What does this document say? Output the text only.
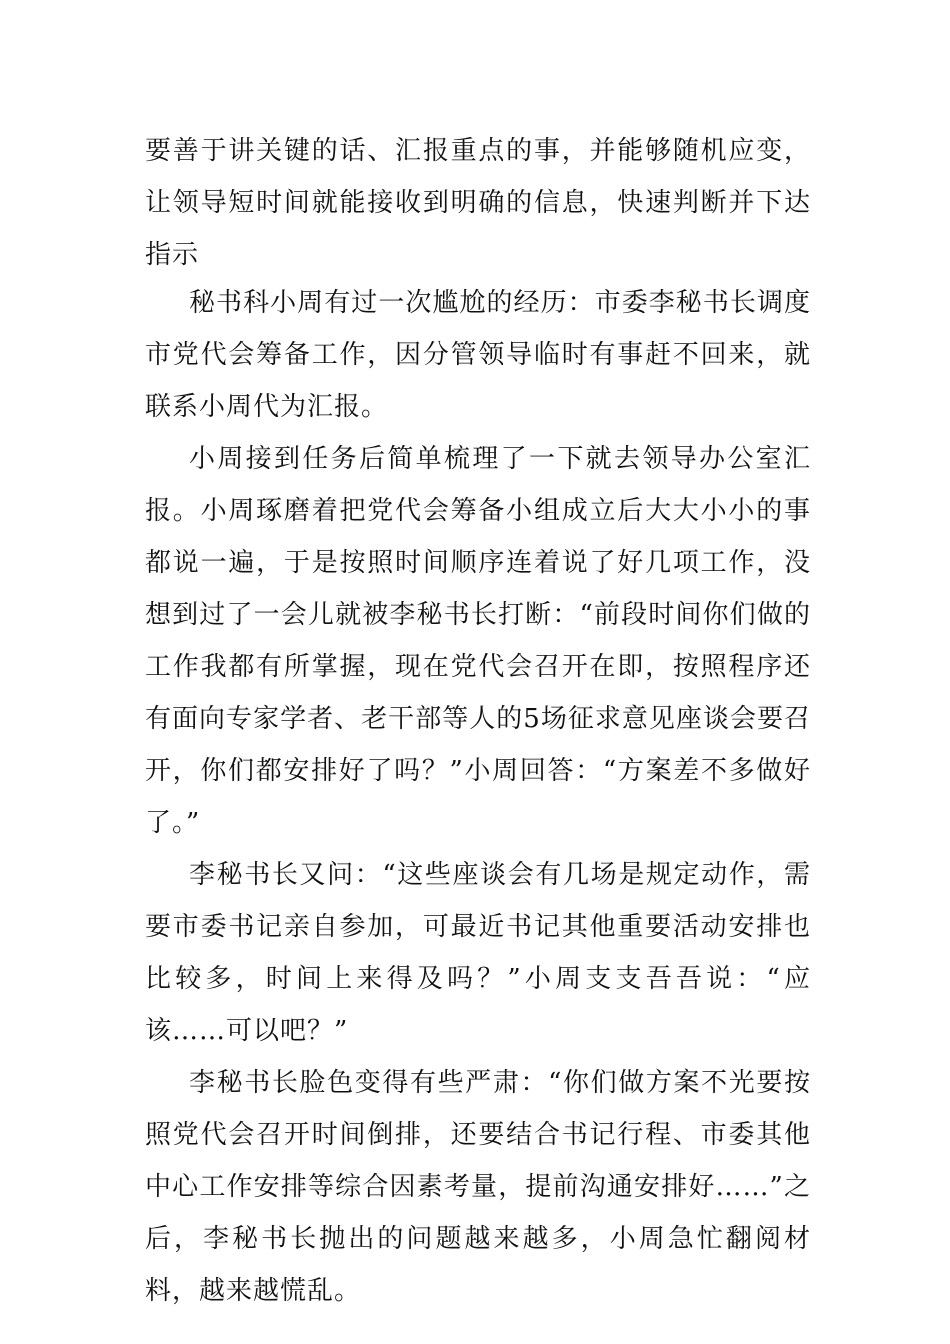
要善于讲关键的话、汇报重点的事，并能够随机应变，让领导短时间就能接收到明确的信息，快速判断并下达指示

秘书科小周有过一次尴尬的经历：市委李秘书长调度市党代会筹备工作，因分管领导临时有事赶不回来，就联系小周代为汇报。

小周接到任务后简单梳理了一下就去领导办公室汇报。小周琢磨着把党代会筹备小组成立后大大小小的事都说一遍，于是按照时间顺序连着说了好几项工作，没想到过了一会儿就被李秘书长打断：“前段时间你们做的工作我都有所掌握，现在党代会召开在即，按照程序还有面向专家学者、老干部等人的5场征求意见座谈会要召开，你们都安排好了吗？”小周回答：“方案差不多做好了。”

李秘书长又问：“这些座谈会有几场是规定动作，需要市委书记亲自参加，可最近书记其他重要活动安排也比较多，时间上来得及吗？”小周支支吾吾说：“应该……可以吧？”

李秘书长脸色变得有些严肃：“你们做方案不光要按照党代会召开时间倒排，还要结合书记行程、市委其他中心工作安排等综合因素考量，提前沟通安排好……”之后，李秘书长抛出的问题越来越多，小周急忙翻阅材料，越来越慌乱。
